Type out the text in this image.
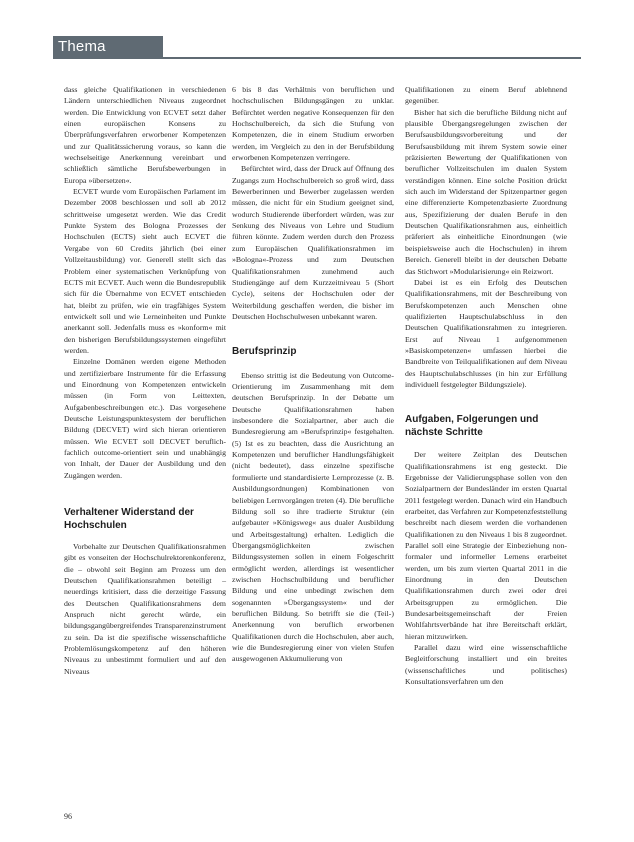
Thema

dass gleiche Qualifikationen in verschiedenen Ländern unterschiedlichen Niveaus zugeordnet werden. Die Entwicklung von ECVET setzt daher einen europäischen Konsens zu Überprüfungsverfahren erworbener Kompetenzen und zur Qualitätssicherung voraus, so kann die wechselseitige Anerkennung vereinbart und schließlich sämtliche Berufsbewerbungen in Europa »übersetzen«.

ECVET wurde vom Europäischen Parlament im Dezember 2008 beschlossen und soll ab 2012 schrittweise umgesetzt werden. Wie das Credit Punkte System des Bologna Prozesses der Hochschulen (ECTS) sieht auch ECVET die Vergabe von 60 Credits jährlich (bei einer Vollzeitausbildung) vor. Generell stellt sich das Problem einer systematischen Verknüpfung von ECTS mit ECVET. Auch wenn die Bundesrepublik sich für die Übernahme von ECVET entschieden hat, bleibt zu prüfen, wie ein tragfähiges System entwickelt soll und wie Lerneinheiten und Punkte anerkannt soll. Jedenfalls muss es »konform« mit den bisherigen Berufsbildungssystemen eingeführt werden.

Einzelne Domänen werden eigene Methoden und zertifizierbare Instrumente für die Erfassung und Einordnung von Kompetenzen entwickeln müssen (in Form von Leittexten, Aufgabenbeschreibungen etc.). Das vorgesehene Deutsche Leistungspunktesystem der beruflichen Bildung (DECVET) wird sich hieran orientieren müssen. Wie ECVET soll DECVET beruflich-fachlich outcome-orientiert sein und unabhängig von Inhalt, der Dauer der Ausbildung und den Zugängen werden.

Verhaltener Widerstand der Hochschulen

Vorbehalte zur Deutschen Qualifikationsrahmen gibt es vonseiten der Hochschulrektorenkonferenz, die – obwohl seit Beginn am Prozess um den Deutschen Qualifikationsrahmen beteiligt – neuerdings kritisiert, dass die derzeitige Fassung des Deutschen Qualifikationsrahmens dem Anspruch nicht gerecht würde, ein bildungsgangübergreifendes Transparenzinstrument zu sein. Da ist die spezifische wissenschaftliche Problemlösungskompetenz auf den höheren Niveaus zu unbestimmt formuliert und auf den Niveaus

6 bis 8 das Verhältnis von beruflichen und hochschulischen Bildungsgängen zu unklar. Befürchtet werden negative Konsequenzen für den Hochschulbereich, da sich die Stufung von Kompetenzen, die in einem Studium erworben werden, im Vergleich zu den in der Berufsbildung erworbenen Kompetenzen verringere.

Befürchtet wird, dass der Druck auf Öffnung des Zugangs zum Hochschulbereich so groß wird, dass Bewerberinnen und Bewerber zugelassen werden müssen, die nicht für ein Studium geeignet sind, wodurch Studierende überfordert würden, was zur Senkung des Niveaus von Lehre und Studium führen könnte. Zudem werden durch den Prozess zum Europäischen Qualifikationsrahmen im »Bologna«-Prozess und zum Deutschen Qualifikationsrahmen zunehmend auch Studiengänge auf dem Kurzzeitniveau 5 (Short Cycle), seitens der Hochschulen oder der Weiterbildung geschaffen werden, die bisher im Deutschen Hochschulwesen unbekannt waren.

Berufsprinzip

Ebenso strittig ist die Bedeutung von Outcome-Orientierung im Zusammenhang mit dem deutschen Berufsprinzip. In der Debatte um Deutsche Qualifikationsrahmen haben insbesondere die Sozialpartner, aber auch die Bundesregierung am »Berufsprinzip« festgehalten. (5) Ist es zu beachten, dass die Ausrichtung an Kompetenzen und beruflicher Handlungsfähigkeit (nicht bedeutet), dass einzelne spezifische formulierte und standardisierte Lernprozesse (z. B. Ausbildungsordnungen) Kombinationen von beliebigen Lernvorgängen treten (4). Die berufliche Bildung soll so ihre tradierte Struktur (ein aufgebauter »Königsweg« aus dualer Ausbildung und Arbeitsgestaltung) erhalten. Lediglich die Übergangsmöglichkeiten zwischen Bildungssystemen sollen in einem Folgeschritt ermöglicht werden, allerdings ist wesentlicher zwischen Hochschulbildung und beruflicher Bildung und eine unbedingt zwischen dem sogenannten »Übergangssystem« und der beruflichen Bildung. So betrifft sie die (Teil-) Anerkennung von beruflich erworbenen Qualifikationen durch die Hochschulen, aber auch, wie die Bundesregierung einer von vielen Stufen ausgewogenen Akkumulierung von

Qualifikationen zu einem Beruf ablehnend gegenüber.

Bisher hat sich die berufliche Bildung nicht auf plausible Übergangsregelungen zwischen der Berufsausbildungsvorbereitung und der Berufsausbildung mit ihrem System sowie einer präzisierten Bewertung der Qualifikationen von beruflicher Vollzeitschulen im dualen System verständigen können. Eine solche Position drückt sich auch im Widerstand der Spitzenpartner gegen eine differenzierte Kompetenzbasierte Zuordnung aus, Spezifizierung der dualen Berufe in den Deutschen Qualifikationsrahmen aus, einheitlich präferiert als einheitliche Einordnungen (wie beispielsweise auch die Hochschulen) in ihrem Bereich. Generell bleibt in der deutschen Debatte das Stichwort »Modularisierung« ein Reizwort.

Dabei ist es ein Erfolg des Deutschen Qualifikationsrahmens, mit der Beschreibung von Berufskompetenzen auch Menschen ohne qualifizierten Hauptschulabschluss in den Deutschen Qualifikationsrahmen zu integrieren. Erst auf Niveau 1 aufgenommenen »Basiskompetenzen« umfassen hierbei die Bandbreite von Teilqualifikationen auf dem Niveau des Hauptschulabschlusses (in hin zur Erfüllung individuell festgelegter Bildungsziele).

Aufgaben, Folgerungen und nächste Schritte

Der weitere Zeitplan des Deutschen Qualifikationsrahmens ist eng gesteckt. Die Ergebnisse der Validierungsphase sollen von den Sozialpartnern der Bundesländer im ersten Quartal 2011 festgelegt werden. Danach wird ein Handbuch erarbeitet, das Verfahren zur Kompetenzfeststellung beschreibt nach diesem werden die vorhandenen Qualifikationen zu den Niveaus 1 bis 8 zugeordnet. Parallel soll eine Strategie der Einbeziehung non-formaler und informeller Lernens erarbeitet werden, um bis zum vierten Quartal 2011 in die Einordnung in den Deutschen Qualifikationsrahmen durch zwei oder drei Arbeitsgruppen zu ermöglichen. Die Bundesarbeitsgemeinschaft der Freien Wohlfahrtsverbände hat ihre Bereitschaft erklärt, hieran mitzuwirken.

Parallel dazu wird eine wissenschaftliche Begleitforschung installiert und ein breites (wissenschaftliches und politisches) Konsultationsverfahren um den

96
